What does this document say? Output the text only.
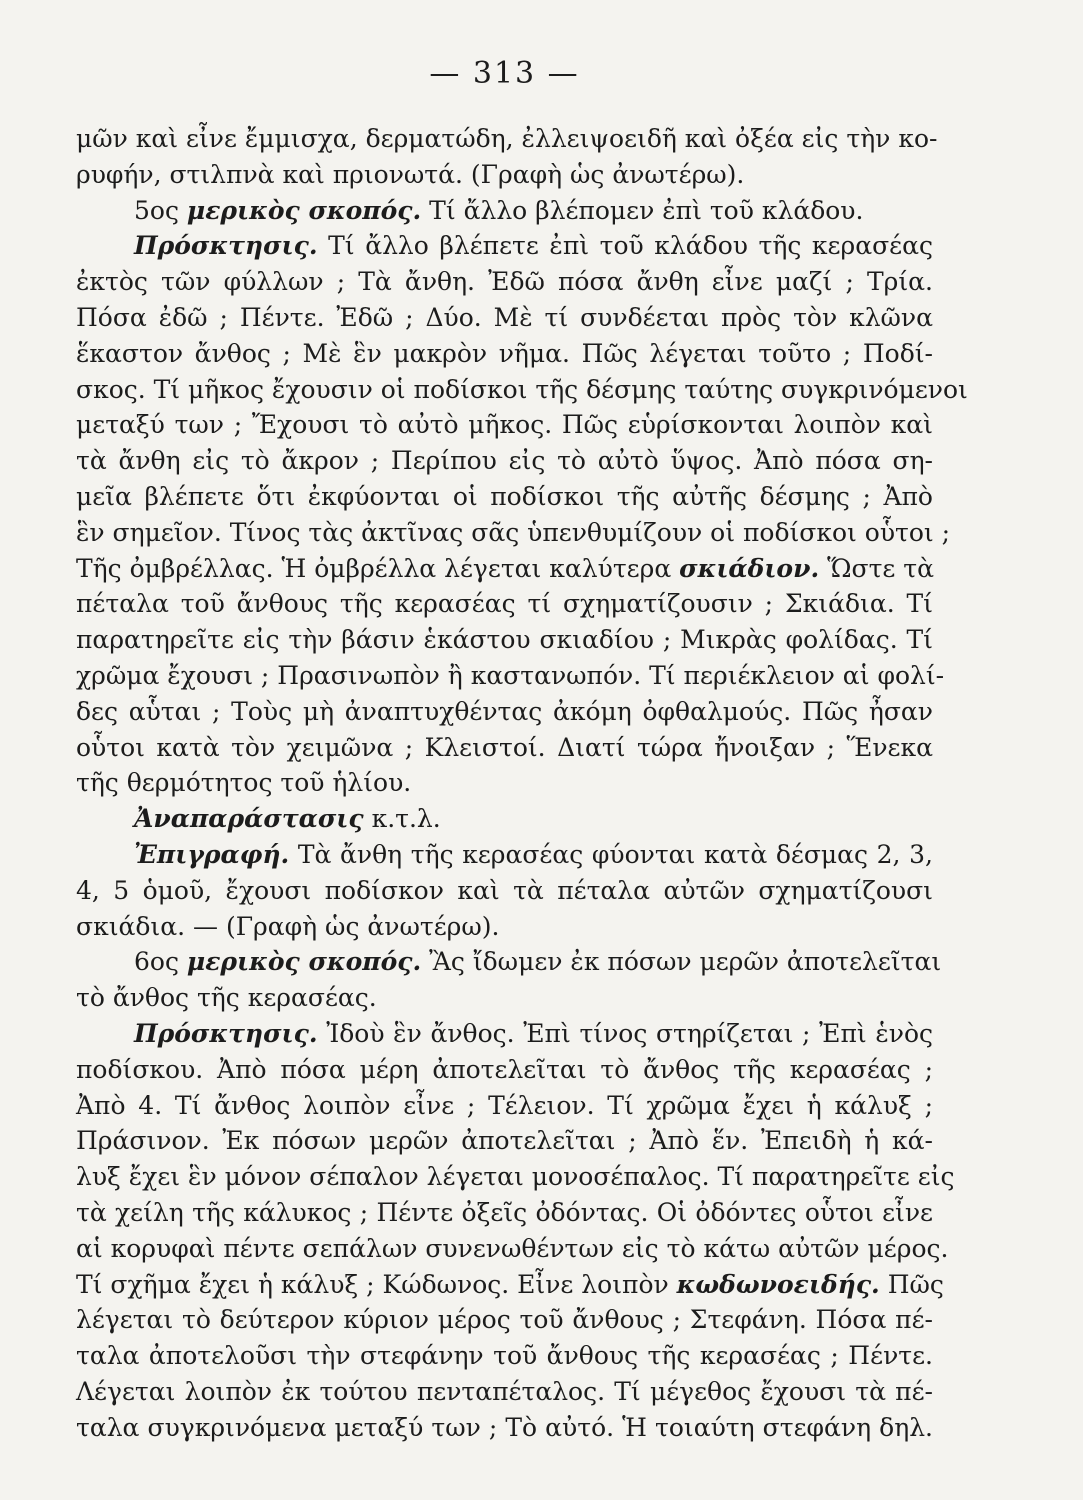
— 313 —
μῶν καὶ εἶνε ἔμμισχα, δερματώδη, ἐλλειψοειδῆ καὶ ὀξέα εἰς τὴν κο-
ρυφήν, στιλπνὰ καὶ πριονωτά. (Γραφὴ ὡς ἀνωτέρω).
5ος μερικὸς σκοπός. Τί ἄλλο βλέπομεν ἐπὶ τοῦ κλάδου.
Πρόσκτησις. Τί ἄλλο βλέπετε ἐπὶ τοῦ κλάδου τῆς κερασέας
ἐκτὸς τῶν φύλλων ; Τὰ ἄνθη. Ἐδῶ πόσα ἄνθη εἶνε μαζί ; Τρία.
Πόσα ἐδῶ ; Πέντε. Ἐδῶ ; Δύο. Μὲ τί συνδέεται πρὸς τὸν κλῶνα
ἕκαστον ἄνθος ; Μὲ ἓν μακρὸν νῆμα. Πῶς λέγεται τοῦτο ; Ποδί-
σκος. Τί μῆκος ἔχουσιν οἱ ποδίσκοι τῆς δέσμης ταύτης συγκρινόμενοι
μεταξύ των ; Ἔχουσι τὸ αὐτὸ μῆκος. Πῶς εὑρίσκονται λοιπὸν καὶ
τὰ ἄνθη εἰς τὸ ἄκρον ; Περίπου εἰς τὸ αὐτὸ ὕψος. Ἀπὸ πόσα ση-
μεῖα βλέπετε ὅτι ἐκφύονται οἱ ποδίσκοι τῆς αὐτῆς δέσμης ; Ἀπὸ
ἓν σημεῖον. Τίνος τὰς ἀκτῖνας σᾶς ὑπενθυμίζουν οἱ ποδίσκοι οὗτοι ;
Τῆς ὀμβρέλλας. Ἡ ὀμβρέλλα λέγεται καλύτερα σκιάδιον. Ὥστε τὰ
πέταλα τοῦ ἄνθους τῆς κερασέας τί σχηματίζουσιν ; Σκιάδια. Τί
παρατηρεῖτε εἰς τὴν βάσιν ἑκάστου σκιαδίου ; Μικρὰς φολίδας. Τί
χρῶμα ἔχουσι ; Πρασινωπὸν ἢ καστανωπόν. Τί περιέκλειον αἱ φολί-
δες αὗται ; Τοὺς μὴ ἀναπτυχθέντας ἀκόμη ὀφθαλμούς. Πῶς ἦσαν
οὗτοι κατὰ τὸν χειμῶνα ; Κλειστοί. Διατί τώρα ἤνοιξαν ; Ἕνεκα
τῆς θερμότητος τοῦ ἡλίου.
Ἀναπαράστασις κ.τ.λ.
Ἐπιγραφή. Τὰ ἄνθη τῆς κερασέας φύονται κατὰ δέσμας 2, 3,
4, 5 ὁμοῦ, ἔχουσι ποδίσκον καὶ τὰ πέταλα αὐτῶν σχηματίζουσι
σκιάδια. — (Γραφὴ ὡς ἀνωτέρω).
6ος μερικὸς σκοπός. Ἂς ἴδωμεν ἐκ πόσων μερῶν ἀποτελεῖται
τὸ ἄνθος τῆς κερασέας.
Πρόσκτησις. Ἰδοὺ ἓν ἄνθος. Ἐπὶ τίνος στηρίζεται ; Ἐπὶ ἑνὸς
ποδίσκου. Ἀπὸ πόσα μέρη ἀποτελεῖται τὸ ἄνθος τῆς κερασέας ;
Ἀπὸ 4. Τί ἄνθος λοιπὸν εἶνε ; Τέλειον. Τί χρῶμα ἔχει ἡ κάλυξ ;
Πράσινον. Ἐκ πόσων μερῶν ἀποτελεῖται ; Ἀπὸ ἕν. Ἐπειδὴ ἡ κά-
λυξ ἔχει ἓν μόνον σέπαλον λέγεται μονοσέπαλος. Τί παρατηρεῖτε εἰς
τὰ χείλη τῆς κάλυκος ; Πέντε ὀξεῖς ὀδόντας. Οἱ ὀδόντες οὗτοι εἶνε
αἱ κορυφαὶ πέντε σεπάλων συνενωθέντων εἰς τὸ κάτω αὐτῶν μέρος.
Τί σχῆμα ἔχει ἡ κάλυξ ; Κώδωνος. Εἶνε λοιπὸν κωδωνοειδής. Πῶς
λέγεται τὸ δεύτερον κύριον μέρος τοῦ ἄνθους ; Στεφάνη. Πόσα πέ-
ταλα ἀποτελοῦσι τὴν στεφάνην τοῦ ἄνθους τῆς κερασέας ; Πέντε.
Λέγεται λοιπὸν ἐκ τούτου πενταπέταλος. Τί μέγεθος ἔχουσι τὰ πέ-
ταλα συγκρινόμενα μεταξύ των ; Τὸ αὐτό. Ἡ τοιαύτη στεφάνη δηλ.
